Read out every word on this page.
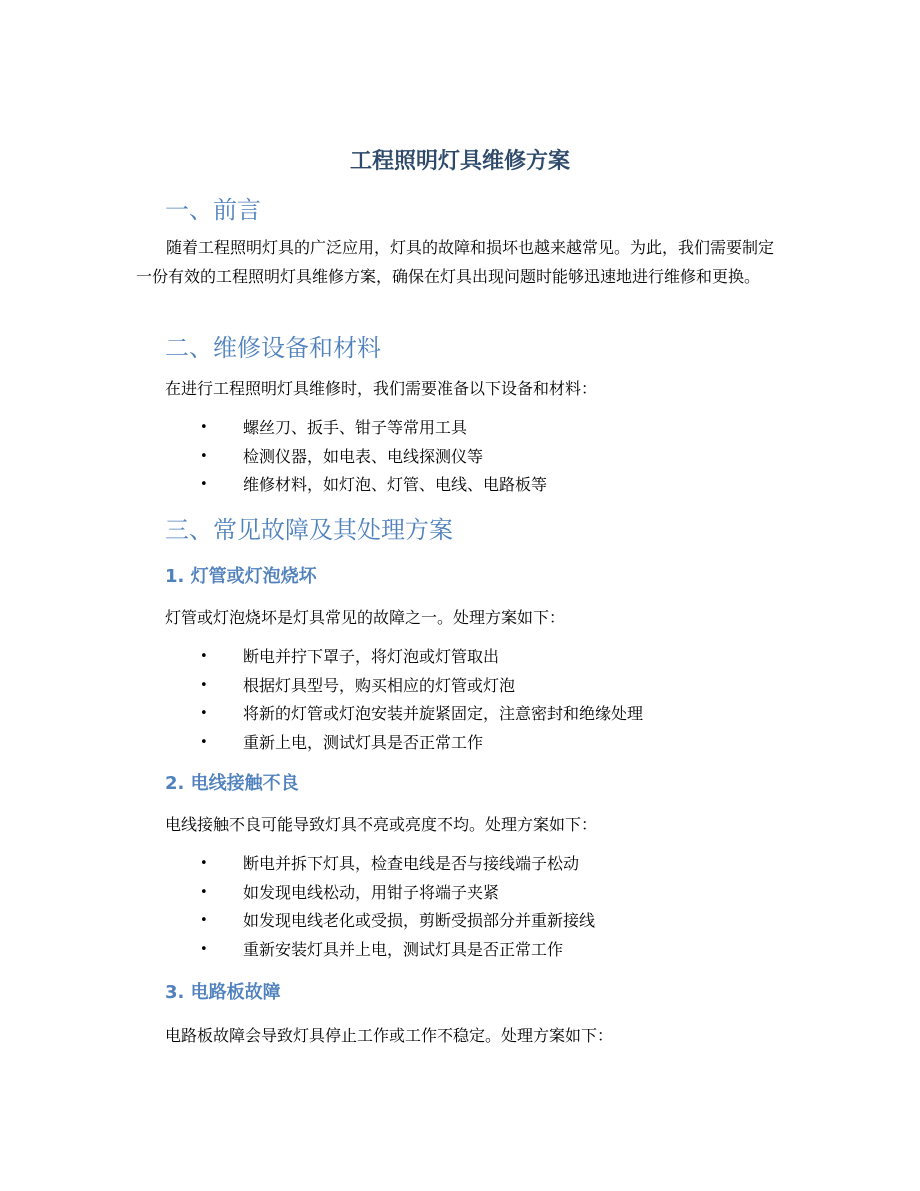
工程照明灯具维修方案
一、前言

随着工程照明灯具的广泛应用，灯具的故障和损坏也越来越常见。为此，我们需要制定一份有效的工程照明灯具维修方案，确保在灯具出现问题时能够迅速地进行维修和更换。

二、维修设备和材料

在进行工程照明灯具维修时，我们需要准备以下设备和材料：

• 螺丝刀、扳手、钳子等常用工具
• 检测仪器，如电表、电线探测仪等
• 维修材料，如灯泡、灯管、电线、电路板等
三、常见故障及其处理方案
1. 灯管或灯泡烧坏

灯管或灯泡烧坏是灯具常见的故障之一。处理方案如下：

• 断电并拧下罩子，将灯泡或灯管取出
• 根据灯具型号，购买相应的灯管或灯泡
• 将新的灯管或灯泡安装并旋紧固定，注意密封和绝缘处理
• 重新上电，测试灯具是否正常工作
2. 电线接触不良

电线接触不良可能导致灯具不亮或亮度不均。处理方案如下：

• 断电并拆下灯具，检查电线是否与接线端子松动
• 如发现电线松动，用钳子将端子夹紧
• 如发现电线老化或受损，剪断受损部分并重新接线
• 重新安装灯具并上电，测试灯具是否正常工作
3. 电路板故障

电路板故障会导致灯具停止工作或工作不稳定。处理方案如下：
